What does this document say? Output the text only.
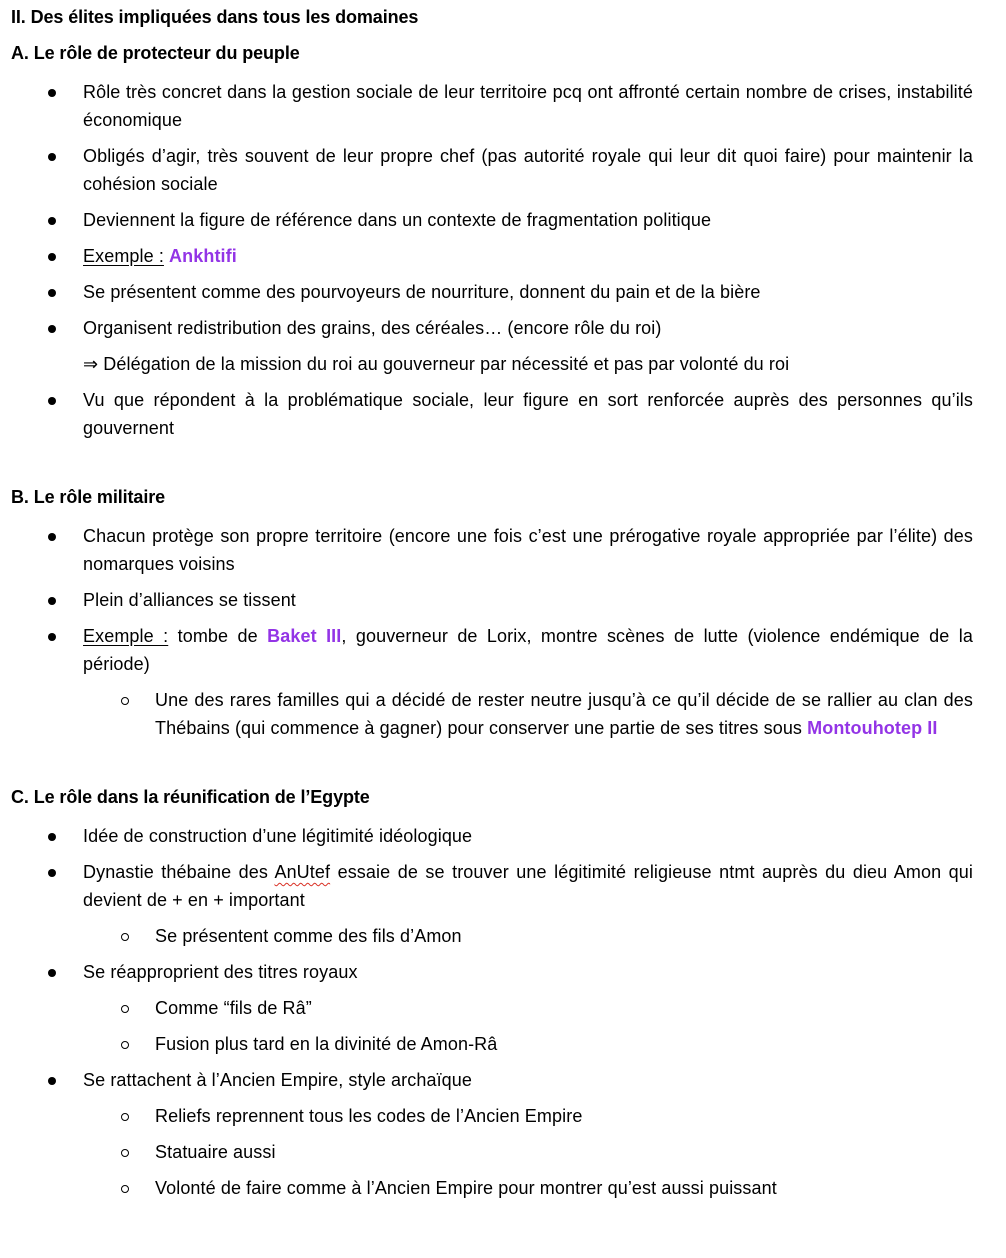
II. Des élites impliquées dans tous les domaines
A. Le rôle de protecteur du peuple

Rôle très concret dans la gestion sociale de leur territoire pcq ont affronté certain nombre de crises, instabilité économique

Obligés d’agir, très souvent de leur propre chef (pas autorité royale qui leur dit quoi faire) pour maintenir la cohésion sociale

Deviennent la figure de référence dans un contexte de fragmentation politique

Exemple : Ankhtifi

Se présentent comme des pourvoyeurs de nourriture, donnent du pain et de la bière

Organisent redistribution des grains, des céréales… (encore rôle du roi)

⇒ Délégation de la mission du roi au gouverneur par nécessité et pas par volonté du roi

Vu que répondent à la problématique sociale, leur figure en sort renforcée auprès des personnes qu’ils gouvernent

B. Le rôle militaire

Chacun protège son propre territoire (encore une fois c’est une prérogative royale appropriée par l’élite) des nomarques voisins

Plein d’alliances se tissent

Exemple : tombe de Baket III, gouverneur de Lorix, montre scènes de lutte (violence endémique de la période)

Une des rares familles qui a décidé de rester neutre jusqu’à ce qu’il décide de se rallier au clan des Thébains (qui commence à gagner) pour conserver une partie de ses titres sous Montouhotep II

C. Le rôle dans la réunification de l’Egypte

Idée de construction d’une légitimité idéologique

Dynastie thébaine des AnUtef essaie de se trouver une légitimité religieuse ntmt auprès du dieu Amon qui devient de + en + important

Se présentent comme des fils d’Amon

Se réapproprient des titres royaux

Comme “fils de Râ”

Fusion plus tard en la divinité de Amon-Râ

Se rattachent à l’Ancien Empire, style archaïque

Reliefs reprennent tous les codes de l’Ancien Empire

Statuaire aussi

Volonté de faire comme à l’Ancien Empire pour montrer qu’est aussi puissant
